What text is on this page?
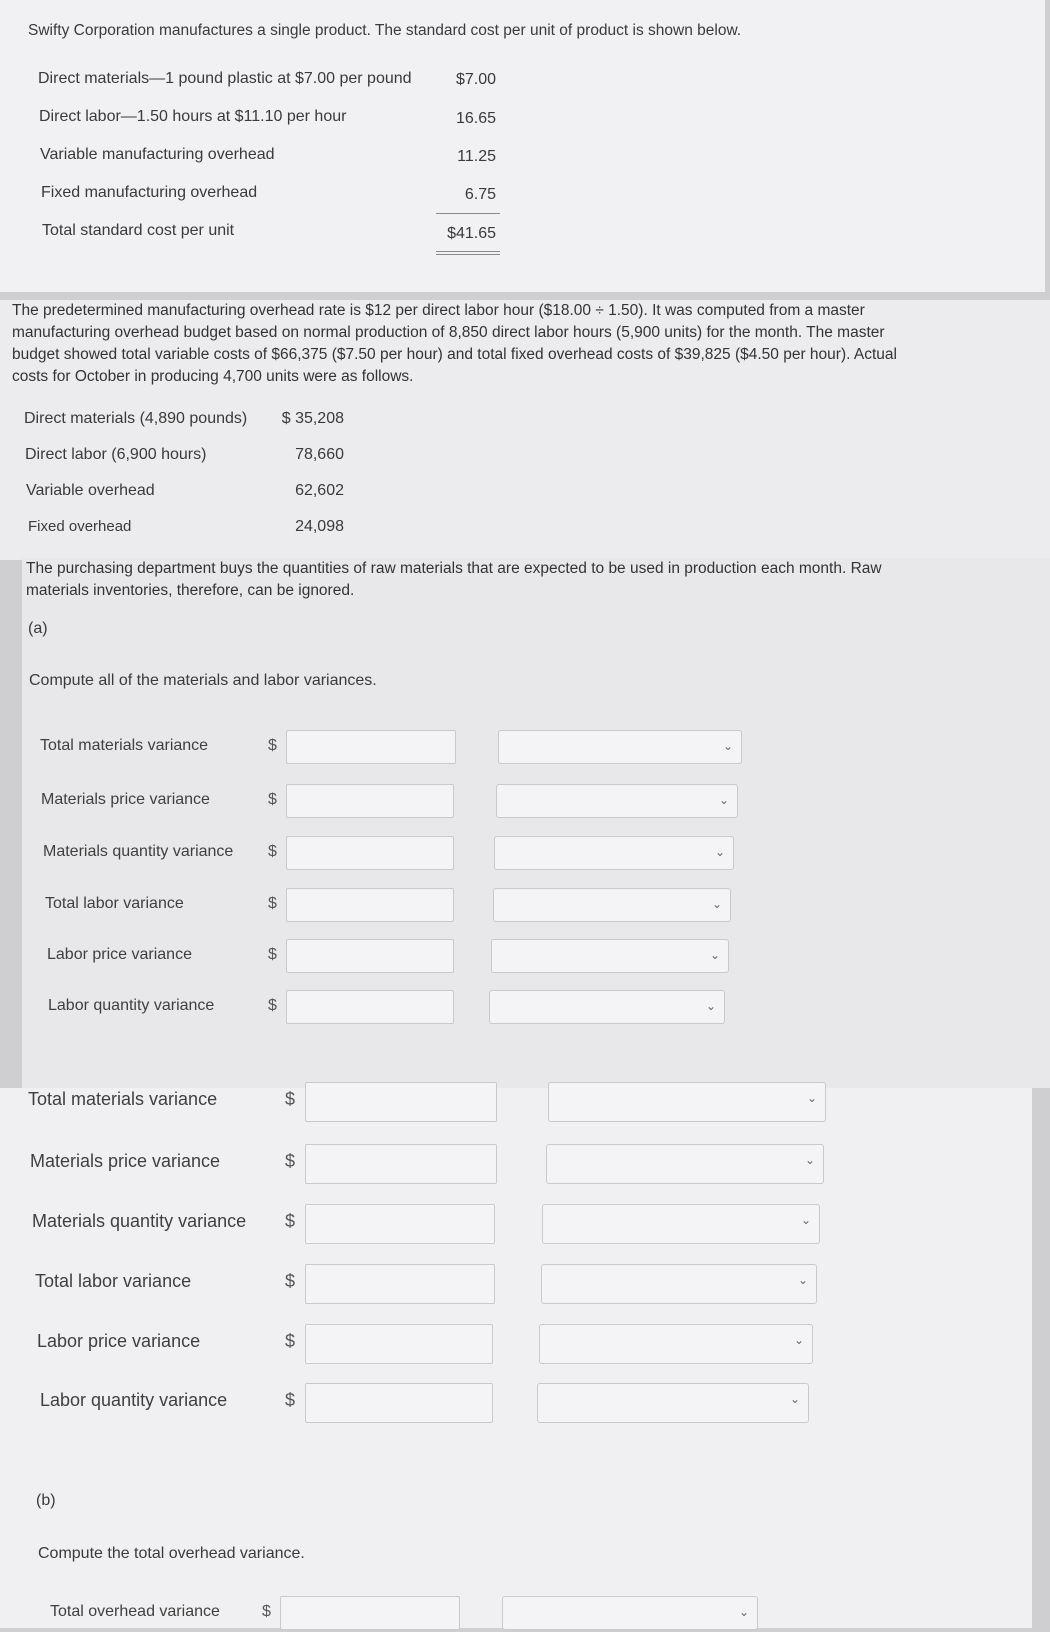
Swifty Corporation manufactures a single product. The standard cost per unit of product is shown below.
Direct materials—1 pound plastic at $7.00 per pound	$7.00
Direct labor—1.50 hours at $11.10 per hour	16.65
Variable manufacturing overhead	11.25
Fixed manufacturing overhead	6.75
Total standard cost per unit	$41.65
The predetermined manufacturing overhead rate is $12 per direct labor hour ($18.00 ÷ 1.50). It was computed from a master manufacturing overhead budget based on normal production of 8,850 direct labor hours (5,900 units) for the month. The master budget showed total variable costs of $66,375 ($7.50 per hour) and total fixed overhead costs of $39,825 ($4.50 per hour). Actual costs for October in producing 4,700 units were as follows.
Direct materials (4,890 pounds)	$ 35,208
Direct labor (6,900 hours)	78,660
Variable overhead	62,602
Fixed overhead	24,098
The purchasing department buys the quantities of raw materials that are expected to be used in production each month. Raw materials inventories, therefore, can be ignored.
(a)
Compute all of the materials and labor variances.
Total materials variance	$	⌄
Materials price variance	$	⌄
Materials quantity variance $	⌄
Total labor variance	$	⌄
Labor price variance	$	⌄
Labor quantity variance	$	⌄
Total materials variance	$	⌄
Materials price variance	$	⌄
Materials quantity variance $	⌄
Total labor variance	$	⌄
Labor price variance	$	⌄
Labor quantity variance	$	⌄
(b)
Compute the total overhead variance.
Total overhead variance	$	⌄
